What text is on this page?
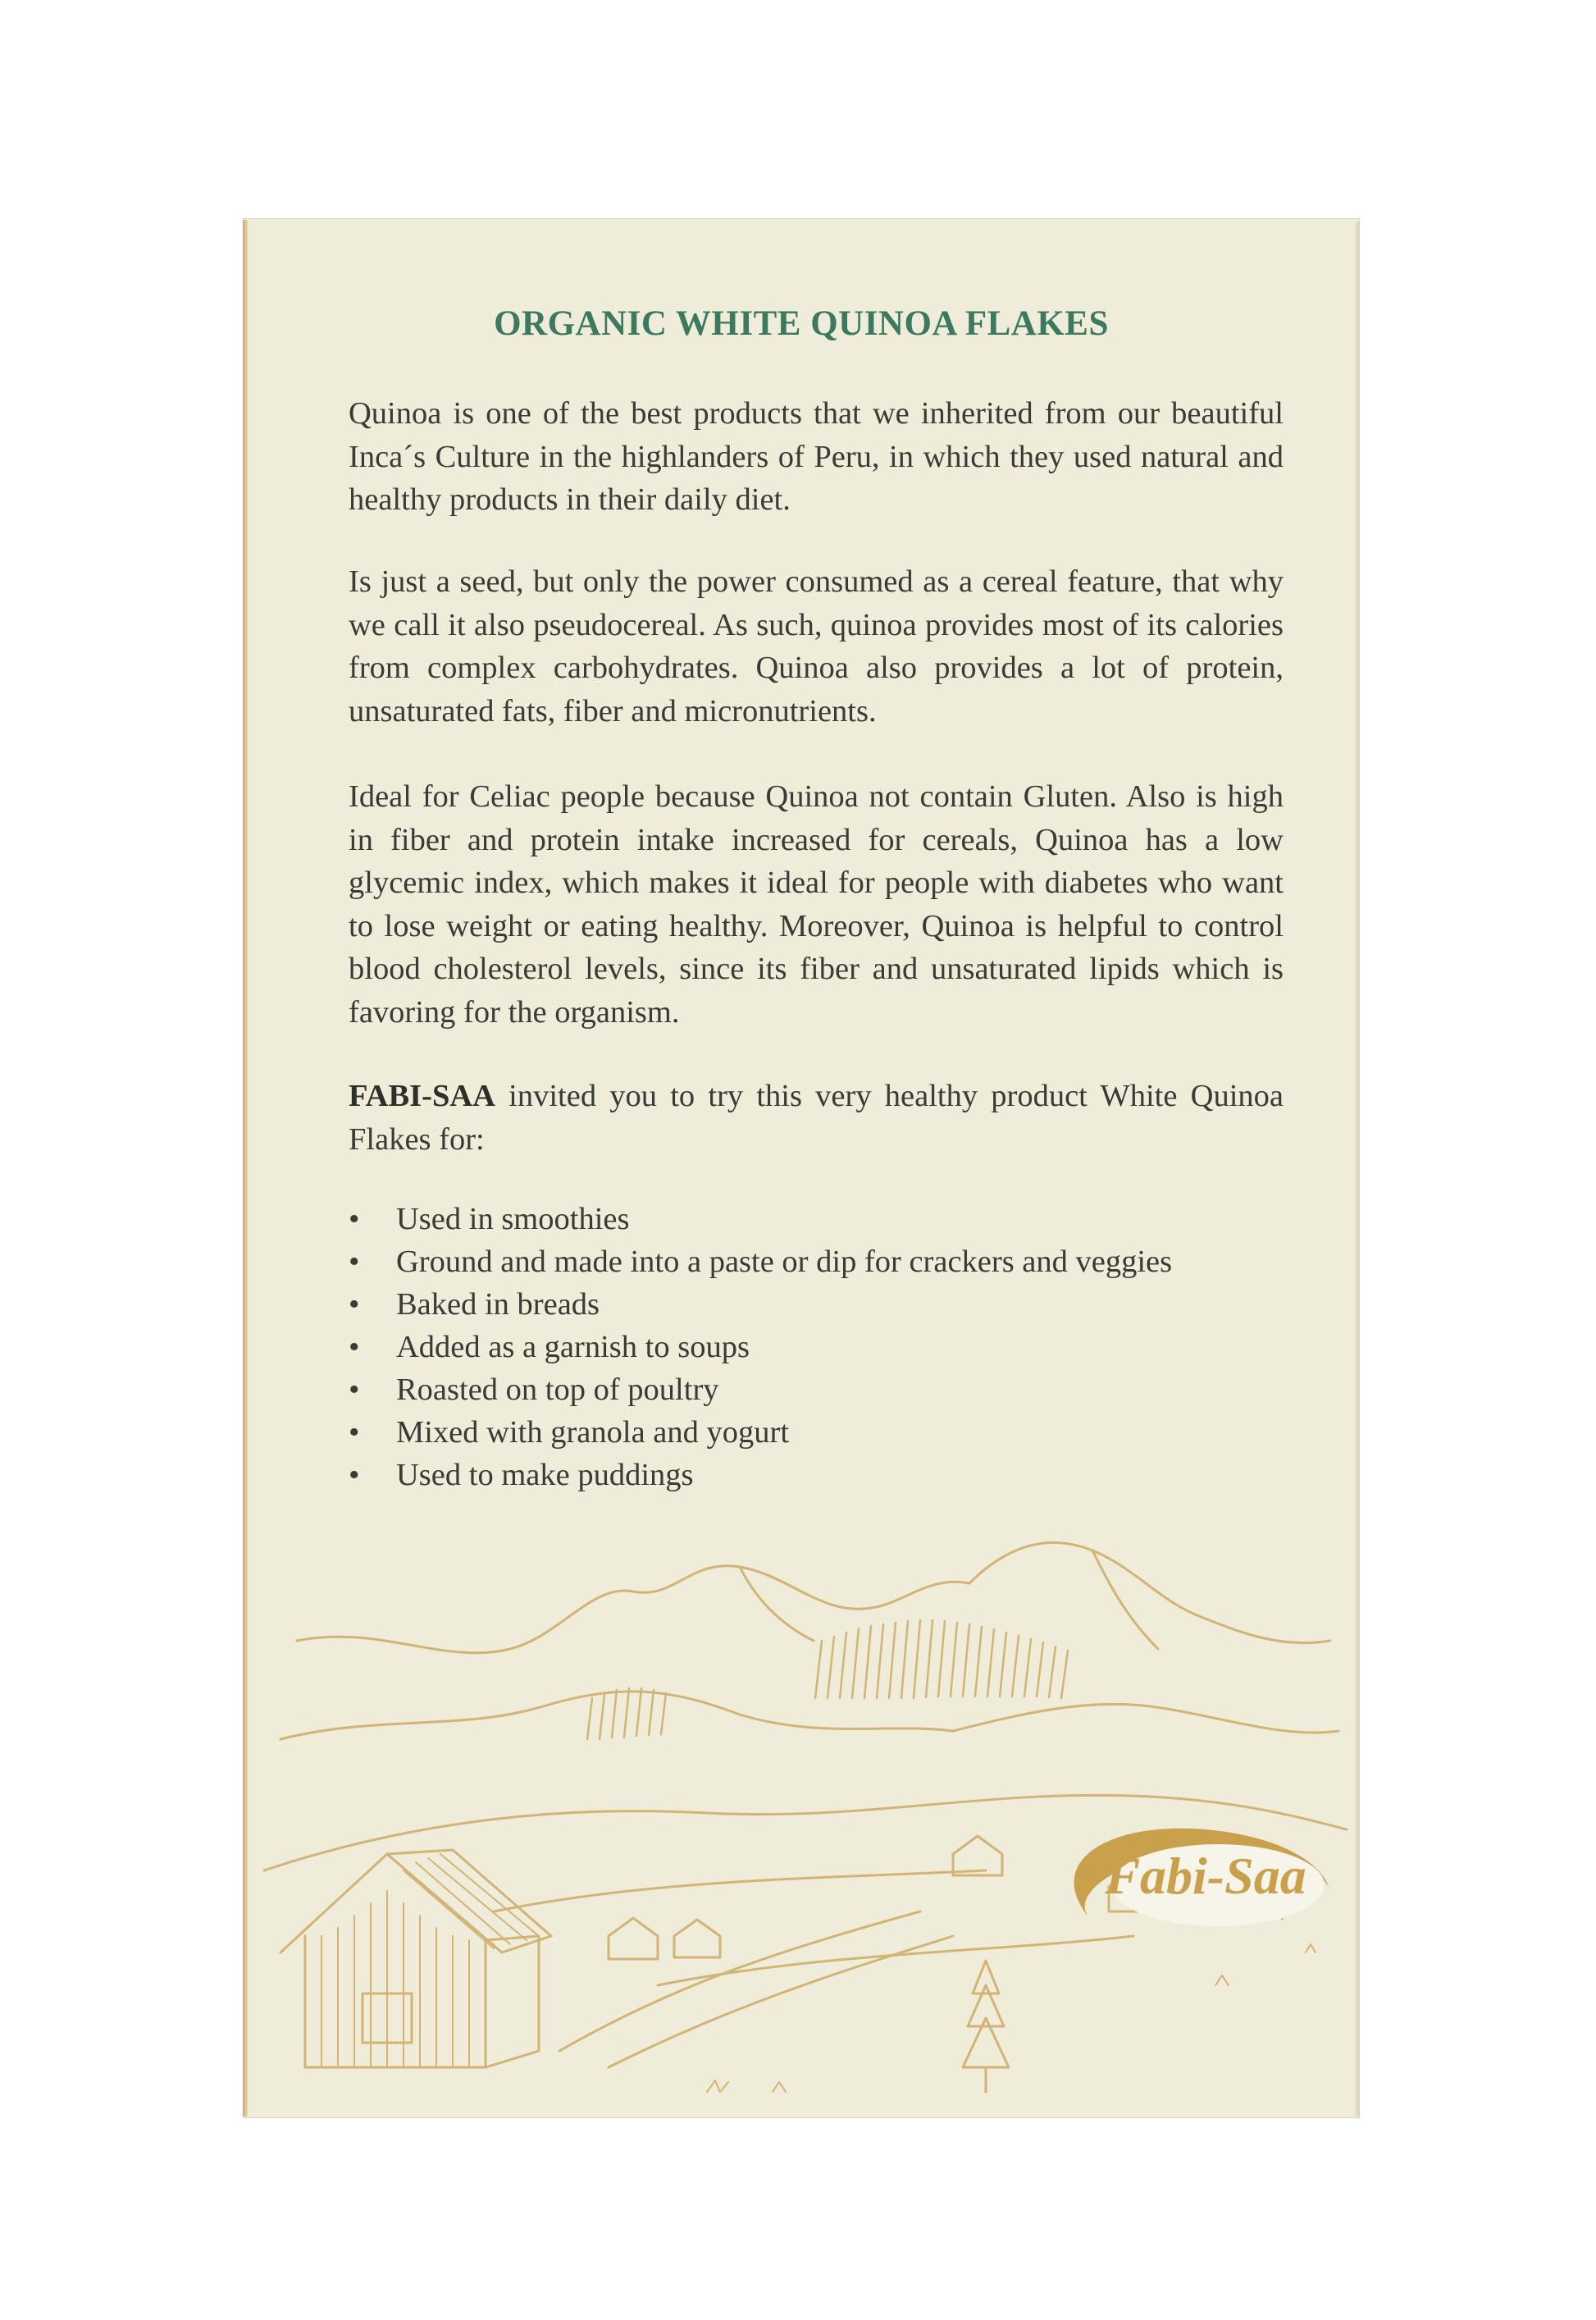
ORGANIC WHITE QUINOA FLAKES
Quinoa is one of the best products that we inherited from our beautiful Inca´s Culture in the highlanders of Peru, in which they used natural and healthy products in their daily diet.
Is just a seed, but only the power consumed as a cereal feature, that why we call it also pseudocereal. As such, quinoa provides most of its calories from complex carbohydrates. Quinoa also provides a lot of protein, unsaturated fats, fiber and micronutrients.
Ideal for Celiac people because Quinoa not contain Gluten. Also is high in fiber and protein intake increased for cereals, Quinoa has a low glycemic index, which makes it ideal for people with diabetes who want to lose weight or eating healthy. Moreover, Quinoa is helpful to control blood cholesterol levels, since its fiber and unsaturated lipids which is favoring for the organism.
FABI-SAA invited you to try this very healthy product White Quinoa Flakes for:
• Used in smoothies
• Ground and made into a paste or dip for crackers and veggies
• Baked in breads
• Added as a garnish to soups
• Roasted on top of poultry
• Mixed with granola and yogurt
• Used to make puddings
Fabi-Saa
